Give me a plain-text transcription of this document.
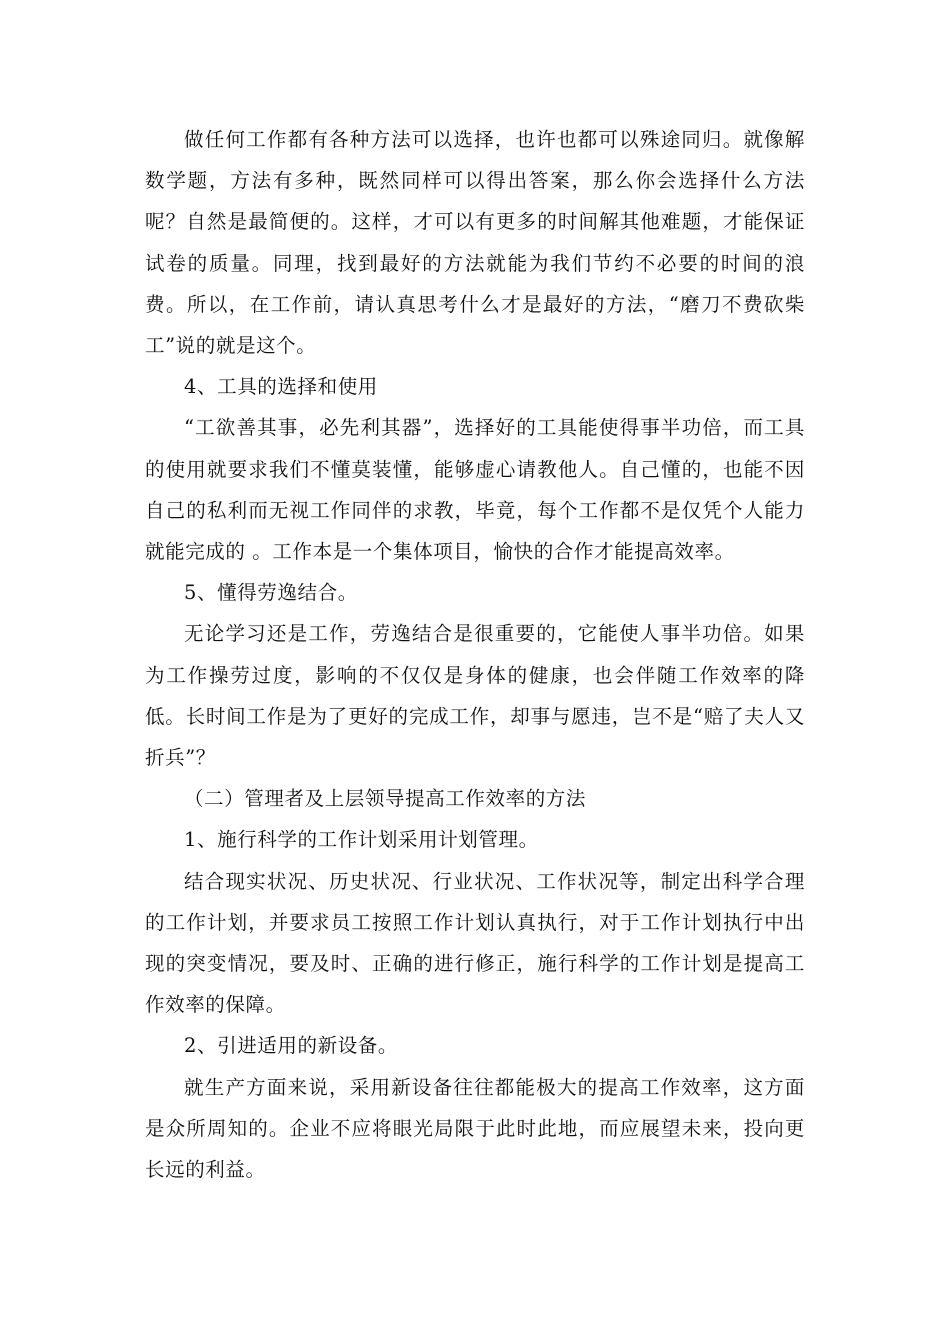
做任何工作都有各种方法可以选择，也许也都可以殊途同归。就像解数学题，方法有多种，既然同样可以得出答案，那么你会选择什么方法呢？自然是最简便的。这样，才可以有更多的时间解其他难题，才能保证试卷的质量。同理，找到最好的方法就能为我们节约不必要的时间的浪费。所以，在工作前，请认真思考什么才是最好的方法，“磨刀不费砍柴工”说的就是这个。

4、工具的选择和使用

“工欲善其事，必先利其器”，选择好的工具能使得事半功倍，而工具的使用就要求我们不懂莫装懂，能够虚心请教他人。自己懂的，也能不因自己的私利而无视工作同伴的求教，毕竟，每个工作都不是仅凭个人能力就能完成的 。工作本是一个集体项目，愉快的合作才能提高效率。

5、懂得劳逸结合。

无论学习还是工作，劳逸结合是很重要的，它能使人事半功倍。如果为工作操劳过度，影响的不仅仅是身体的健康，也会伴随工作效率的降低。长时间工作是为了更好的完成工作，却事与愿违，岂不是“赔了夫人又折兵”？

（二）管理者及上层领导提高工作效率的方法

1、施行科学的工作计划采用计划管理。

结合现实状况、历史状况、行业状况、工作状况等，制定出科学合理的工作计划，并要求员工按照工作计划认真执行，对于工作计划执行中出现的突变情况，要及时、正确的进行修正，施行科学的工作计划是提高工作效率的保障。

2、引进适用的新设备。

就生产方面来说，采用新设备往往都能极大的提高工作效率，这方面是众所周知的。企业不应将眼光局限于此时此地，而应展望未来，投向更长远的利益。
